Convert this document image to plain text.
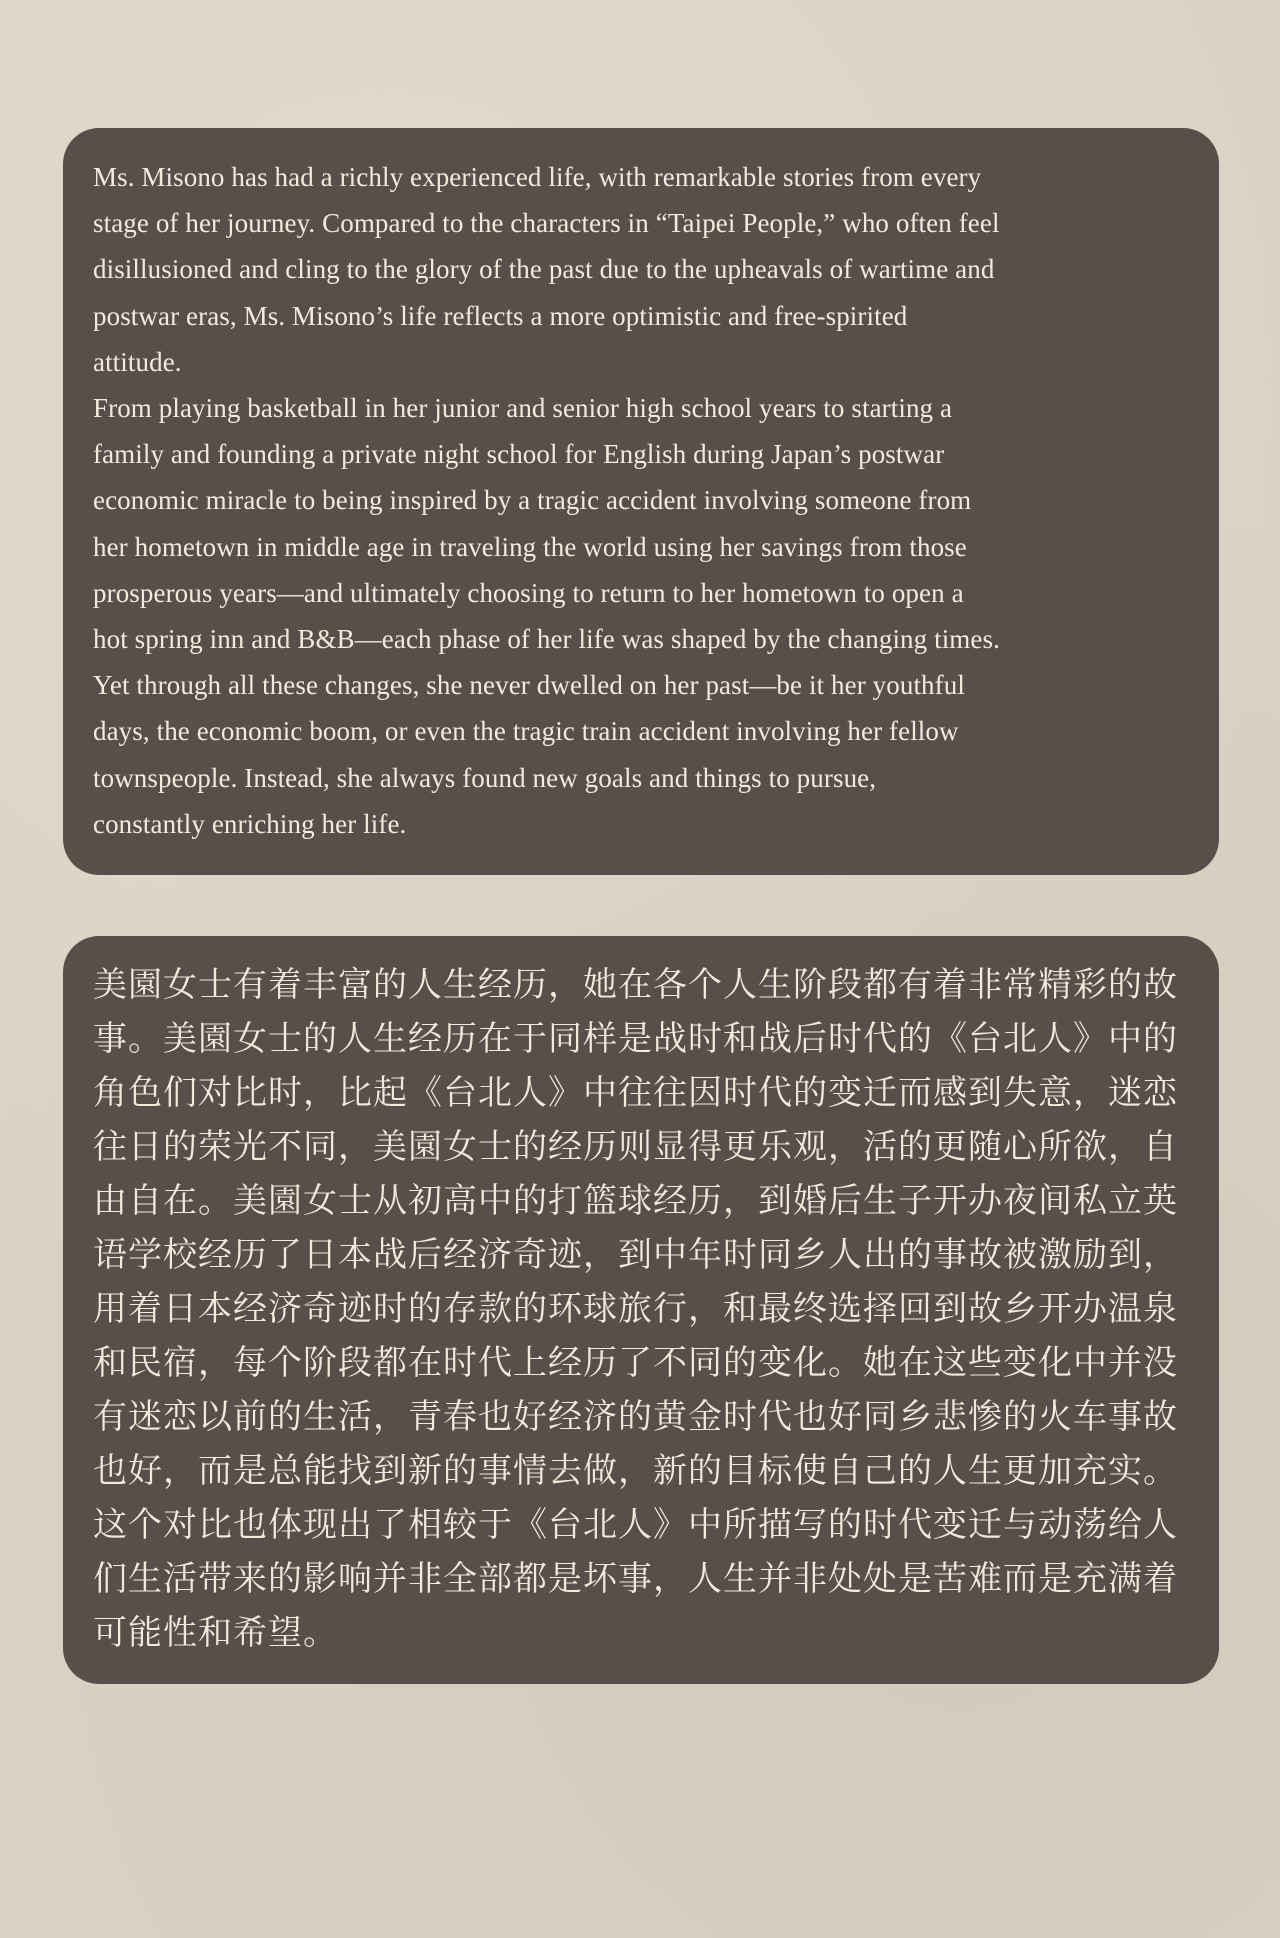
Ms. Misono has had a richly experienced life, with remarkable stories from every
stage of her journey. Compared to the characters in “Taipei People,” who often feel
disillusioned and cling to the glory of the past due to the upheavals of wartime and
postwar eras, Ms. Misono’s life reflects a more optimistic and free-spirited
attitude.
From playing basketball in her junior and senior high school years to starting a
family and founding a private night school for English during Japan’s postwar
economic miracle to being inspired by a tragic accident involving someone from
her hometown in middle age in traveling the world using her savings from those
prosperous years—and ultimately choosing to return to her hometown to open a
hot spring inn and B&B—each phase of her life was shaped by the changing times.
Yet through all these changes, she never dwelled on her past—be it her youthful
days, the economic boom, or even the tragic train accident involving her fellow
townspeople. Instead, she always found new goals and things to pursue,
constantly enriching her life.
美園女士有着丰富的人生经历，她在各个人生阶段都有着非常精彩的故
事。美園女士的人生经历在于同样是战时和战后时代的《台北人》中的
角色们对比时，比起《台北人》中往往因时代的变迁而感到失意，迷恋
往日的荣光不同，美園女士的经历则显得更乐观，活的更随心所欲，自
由自在。美園女士从初高中的打篮球经历，到婚后生子开办夜间私立英
语学校经历了日本战后经济奇迹，到中年时同乡人出的事故被激励到，
用着日本经济奇迹时的存款的环球旅行，和最终选择回到故乡开办温泉
和民宿，每个阶段都在时代上经历了不同的变化。她在这些变化中并没
有迷恋以前的生活，青春也好经济的黄金时代也好同乡悲惨的火车事故
也好，而是总能找到新的事情去做，新的目标使自己的人生更加充实。
这个对比也体现出了相较于《台北人》中所描写的时代变迁与动荡给人
们生活带来的影响并非全部都是坏事，人生并非处处是苦难而是充满着
可能性和希望。
